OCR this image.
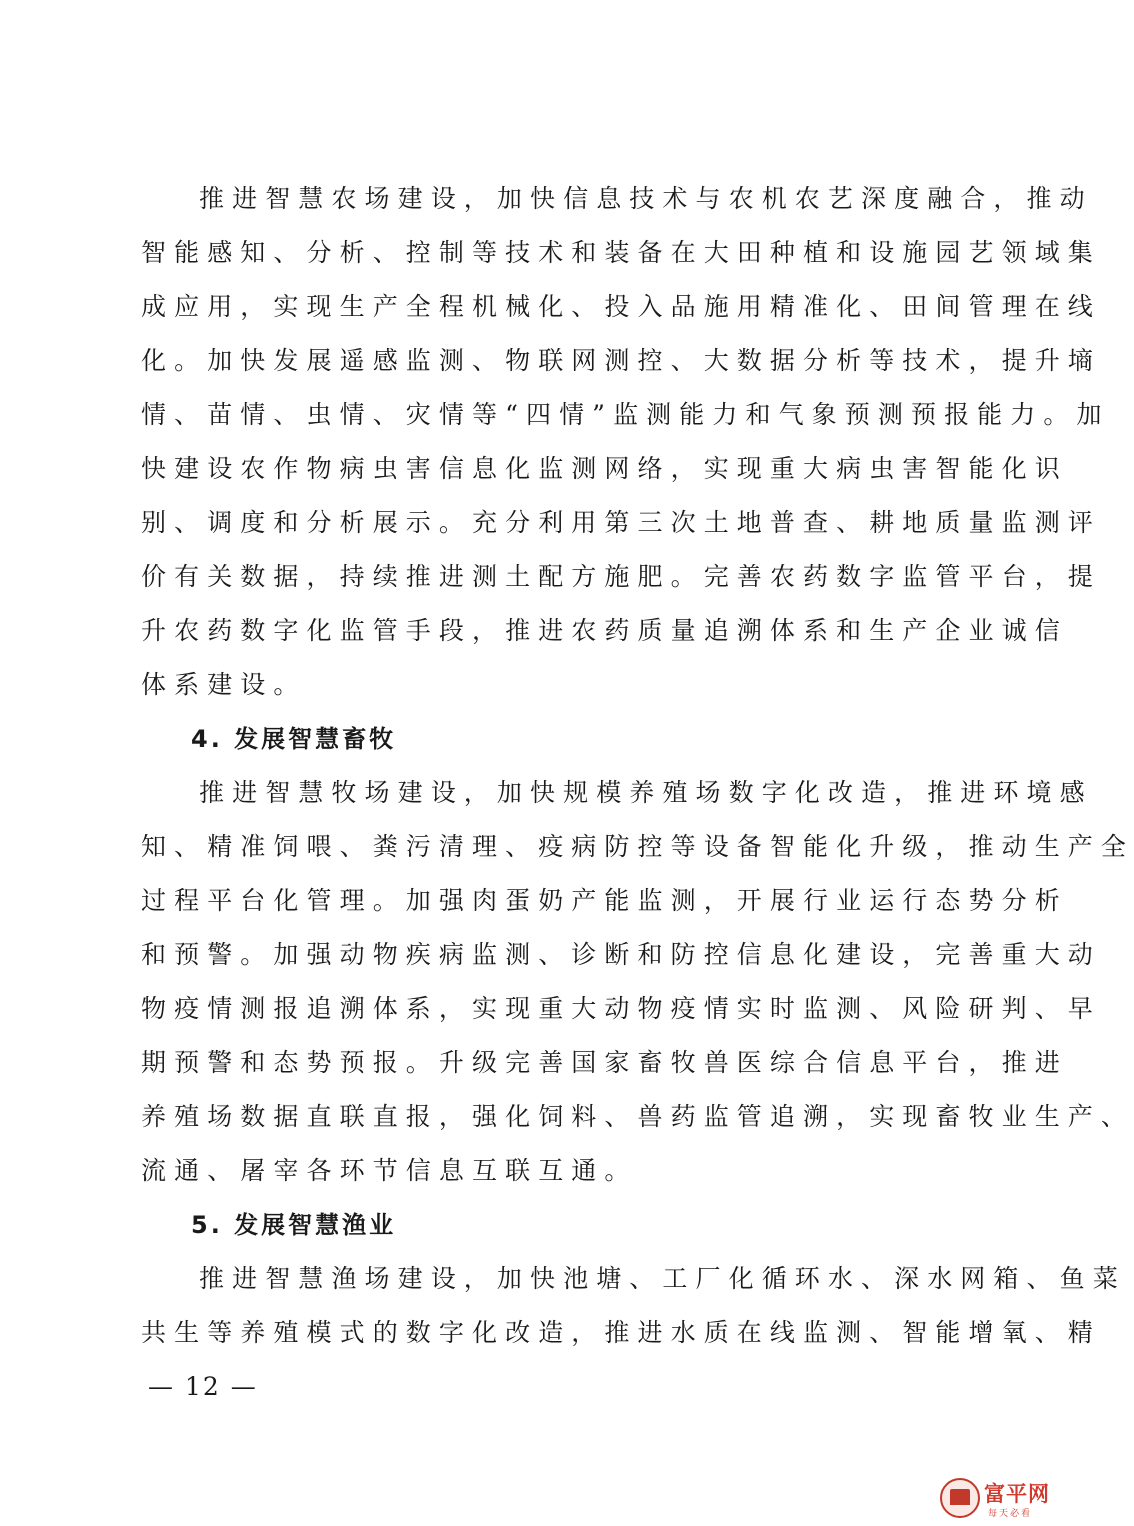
推进智慧农场建设，加快信息技术与农机农艺深度融合，推动
智能感知、分析、控制等技术和装备在大田种植和设施园艺领域集
成应用，实现生产全程机械化、投入品施用精准化、田间管理在线
化。加快发展遥感监测、物联网测控、大数据分析等技术，提升墒
情、苗情、虫情、灾情等“四情”监测能力和气象预测预报能力。加
快建设农作物病虫害信息化监测网络，实现重大病虫害智能化识
别、调度和分析展示。充分利用第三次土地普查、耕地质量监测评
价有关数据，持续推进测土配方施肥。完善农药数字监管平台，提
升农药数字化监管手段，推进农药质量追溯体系和生产企业诚信
体系建设。
4. 发展智慧畜牧
推进智慧牧场建设，加快规模养殖场数字化改造，推进环境感
知、精准饲喂、粪污清理、疫病防控等设备智能化升级，推动生产全
过程平台化管理。加强肉蛋奶产能监测，开展行业运行态势分析
和预警。加强动物疾病监测、诊断和防控信息化建设，完善重大动
物疫情测报追溯体系，实现重大动物疫情实时监测、风险研判、早
期预警和态势预报。升级完善国家畜牧兽医综合信息平台，推进
养殖场数据直联直报，强化饲料、兽药监管追溯，实现畜牧业生产、
流通、屠宰各环节信息互联互通。
5. 发展智慧渔业
推进智慧渔场建设，加快池塘、工厂化循环水、深水网箱、鱼菜
共生等养殖模式的数字化改造，推进水质在线监测、智能增氧、精
— 12 —
富平网
每天必看
